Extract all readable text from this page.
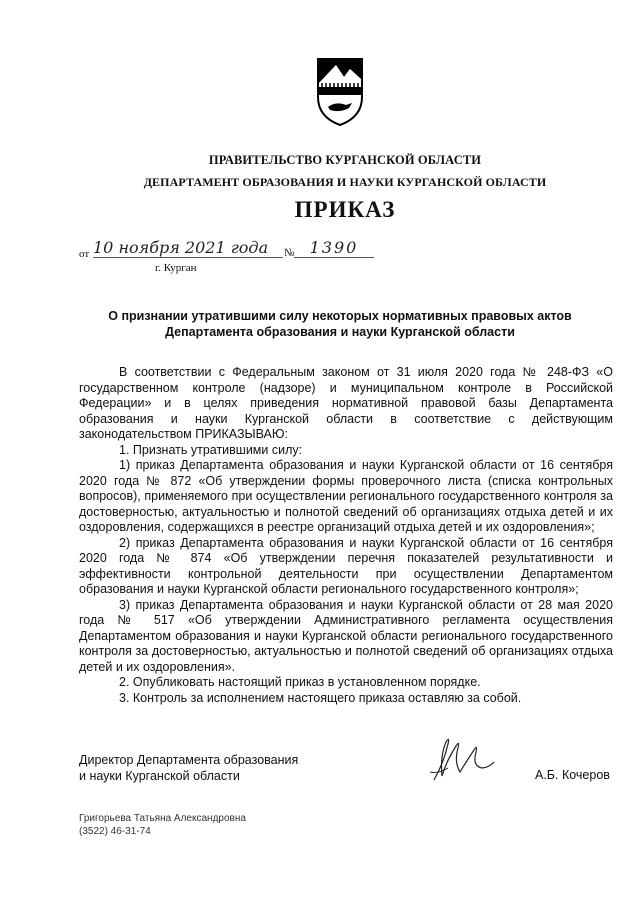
ПРАВИТЕЛЬСТВО КУРГАНСКОЙ ОБЛАСТИ
ДЕПАРТАМЕНТ ОБРАЗОВАНИЯ И НАУКИ КУРГАНСКОЙ ОБЛАСТИ
ПРИКАЗ
от 10 ноября 2021 года	№ 1390
г. Курган
О признании утратившими силу некоторых нормативных правовых актов
Департамента образования и науки Курганской области

В соответствии с Федеральным законом от 31 июля 2020 года № 248-ФЗ «О государственном контроле (надзоре) и муниципальном контроле в Российской Федерации» и в целях приведения нормативной правовой базы Департамента образования и науки Курганской области в соответствие с действующим законодательством ПРИКАЗЫВАЮ:

1. Признать утратившими силу:

1) приказ Департамента образования и науки Курганской области от 16 сентября 2020 года № 872 «Об утверждении формы проверочного листа (списка контрольных вопросов), применяемого при осуществлении регионального государственного контроля за достоверностью, актуальностью и полнотой сведений об организациях отдыха детей и их оздоровления, содержащихся в реестре организаций отдыха детей и их оздоровления»;

2) приказ Департамента образования и науки Курганской области от 16 сентября 2020 года № 874 «Об утверждении перечня показателей результативности и эффективности контрольной деятельности при осуществлении Департаментом образования и науки Курганской области регионального государственного контроля»;

3) приказ Департамента образования и науки Курганской области от 28 мая 2020 года № 517 «Об утверждении Административного регламента осуществления Департаментом образования и науки Курганской области регионального государственного контроля за достоверностью, актуальностью и полнотой сведений об организациях отдыха детей и их оздоровления».

2. Опубликовать настоящий приказ в установленном порядке.

3. Контроль за исполнением настоящего приказа оставляю за собой.

Директор Департамента образования
и науки Курганской области	А.Б. Кочеров
Григорьева Татьяна Александровна
(3522) 46-31-74
